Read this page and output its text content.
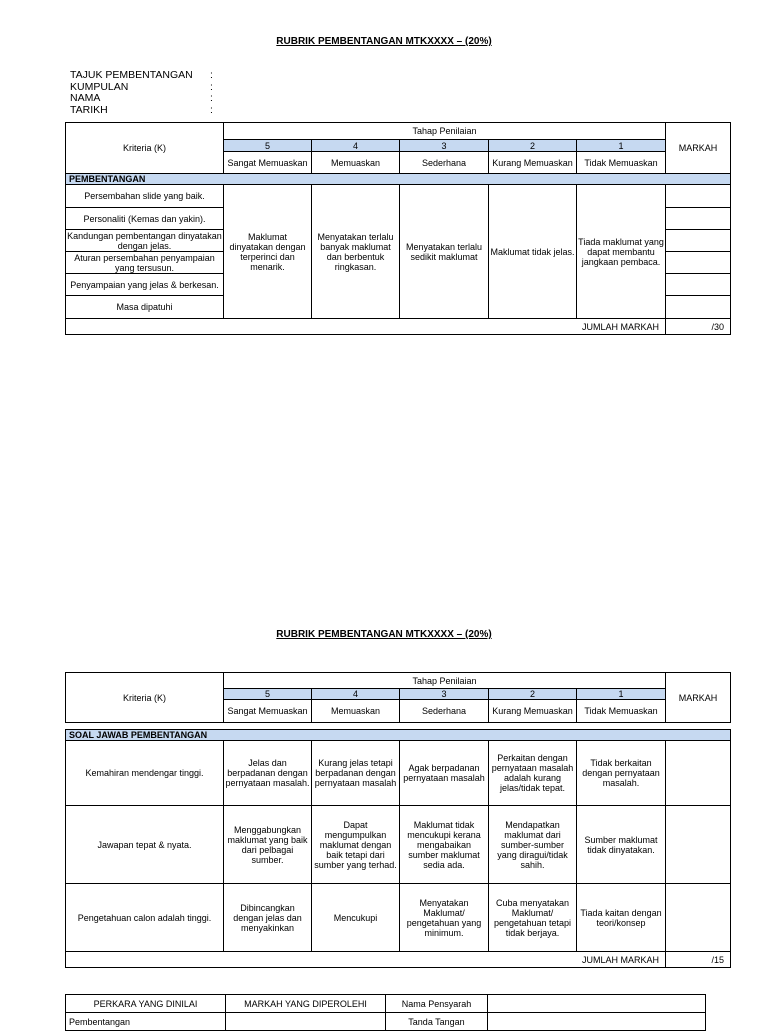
RUBRIK PEMBENTANGAN MTKXXXX – (20%)
TAJUK PEMBENTANGAN	:
KUMPULAN	:
NAMA	:
TARIKH	:
Kriteria (K)	Tahap Penilaian					MARKAH
	5	4	3	2	1	
	Sangat Memuaskan	Memuaskan	Sederhana	Kurang Memuaskan	Tidak Memuaskan	
PEMBENTANGAN						
Persembahan slide yang baik.	Maklumat dinyatakan dengan terperinci dan menarik.	Menyatakan terlalu banyak maklumat dan berbentuk ringkasan.	Menyatakan terlalu sedikit maklumat	Maklumat tidak jelas.	Tiada maklumat yang dapat membantu jangkaan pembaca.	
Personaliti (Kemas dan yakin).						
Kandungan pembentangan dinyatakan dengan jelas.						
Aturan persembahan penyampaian yang tersusun.						
Penyampaian yang jelas & berkesan.						
Masa dipatuhi						
JUMLAH MARKAH						/30
RUBRIK PEMBENTANGAN MTKXXXX – (20%)
Kriteria (K)	Tahap Penilaian					MARKAH
	5	4	3	2	1	
	Sangat Memuaskan	Memuaskan	Sederhana	Kurang Memuaskan	Tidak Memuaskan	

SOAL JAWAB PEMBENTANGAN						
Kemahiran mendengar tinggi.	Jelas dan berpadanan dengan pernyataan masalah.	Kurang jelas tetapi berpadanan dengan pernyataan masalah	Agak berpadanan pernyataan masalah	Perkaitan dengan pernyataan masalah adalah kurang jelas/tidak tepat.	Tidak berkaitan dengan pernyataan masalah.	
Jawapan tepat & nyata.	Menggabungkan maklumat yang baik dari pelbagai sumber.	Dapat mengumpulkan maklumat dengan baik tetapi dari sumber yang terhad.	Maklumat tidak mencukupi kerana mengabaikan sumber maklumat sedia ada.	Mendapatkan maklumat dari sumber-sumber yang diragui/tidak sahih.	Sumber maklumat tidak dinyatakan.	
Pengetahuan calon adalah tinggi.	Dibincangkan dengan jelas dan menyakinkan	Mencukupi	Menyatakan Maklumat/ pengetahuan yang minimum.	Cuba menyatakan Maklumat/ pengetahuan tetapi tidak berjaya.	Tiada kaitan dengan teori/konsep	
JUMLAH MARKAH						/15
PERKARA YANG DINILAI	MARKAH YANG DIPEROLEHI	Nama Pensyarah	
Pembentangan		Tanda Tangan	
